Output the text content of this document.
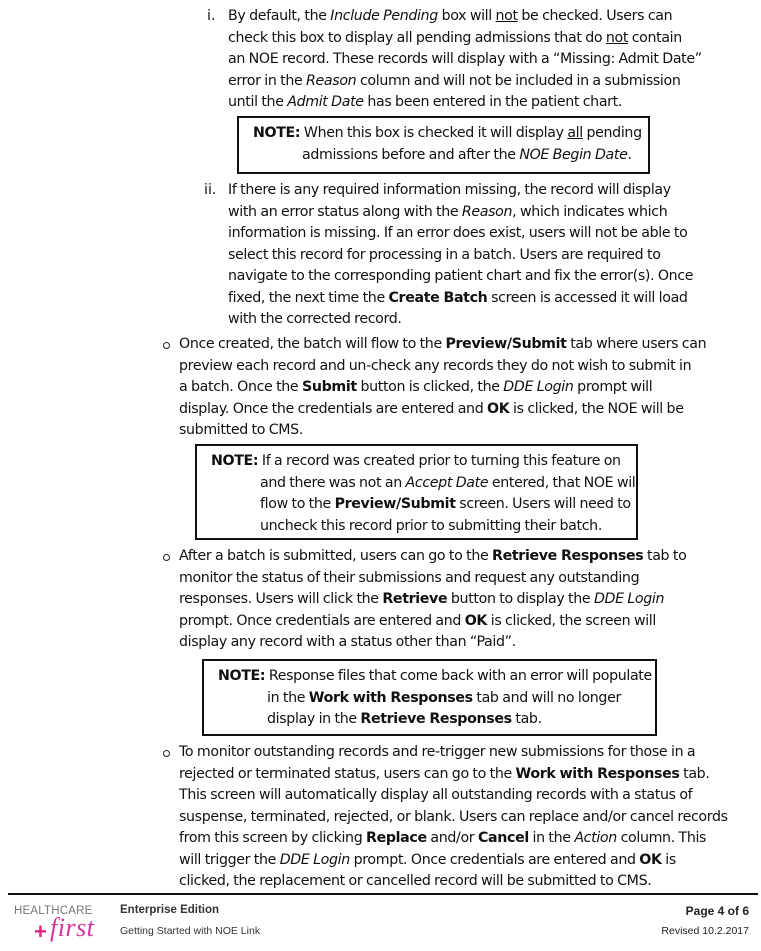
i. By default, the Include Pending box will not be checked. Users can
check this box to display all pending admissions that do not contain
an NOE record. These records will display with a “Missing: Admit Date”
error in the Reason column and will not be included in a submission
until the Admit Date has been entered in the patient chart.
NOTE: When this box is checked it will display all pending
admissions before and after the NOE Begin Date.
ii. If there is any required information missing, the record will display
with an error status along with the Reason, which indicates which
information is missing. If an error does exist, users will not be able to
select this record for processing in a batch. Users are required to
navigate to the corresponding patient chart and fix the error(s). Once
fixed, the next time the Create Batch screen is accessed it will load
with the corrected record.
Once created, the batch will flow to the Preview/Submit tab where users can
preview each record and un-check any records they do not wish to submit in
a batch. Once the Submit button is clicked, the DDE Login prompt will
display. Once the credentials are entered and OK is clicked, the NOE will be
submitted to CMS.
NOTE: If a record was created prior to turning this feature on
and there was not an Accept Date entered, that NOE will
flow to the Preview/Submit screen. Users will need to
uncheck this record prior to submitting their batch.
After a batch is submitted, users can go to the Retrieve Responses tab to
monitor the status of their submissions and request any outstanding
responses. Users will click the Retrieve button to display the DDE Login
prompt. Once credentials are entered and OK is clicked, the screen will
display any record with a status other than “Paid”.
NOTE: Response files that come back with an error will populate
in the Work with Responses tab and will no longer
display in the Retrieve Responses tab.
To monitor outstanding records and re-trigger new submissions for those in a
rejected or terminated status, users can go to the Work with Responses tab.
This screen will automatically display all outstanding records with a status of
suspense, terminated, rejected, or blank. Users can replace and/or cancel records
from this screen by clicking Replace and/or Cancel in the Action column. This
will trigger the DDE Login prompt. Once credentials are entered and OK is
clicked, the replacement or cancelled record will be submitted to CMS.
HEALTHCARE
+ first
Enterprise Edition
Getting Started with NOE Link
Page 4 of 6
Revised 10.2.2017
